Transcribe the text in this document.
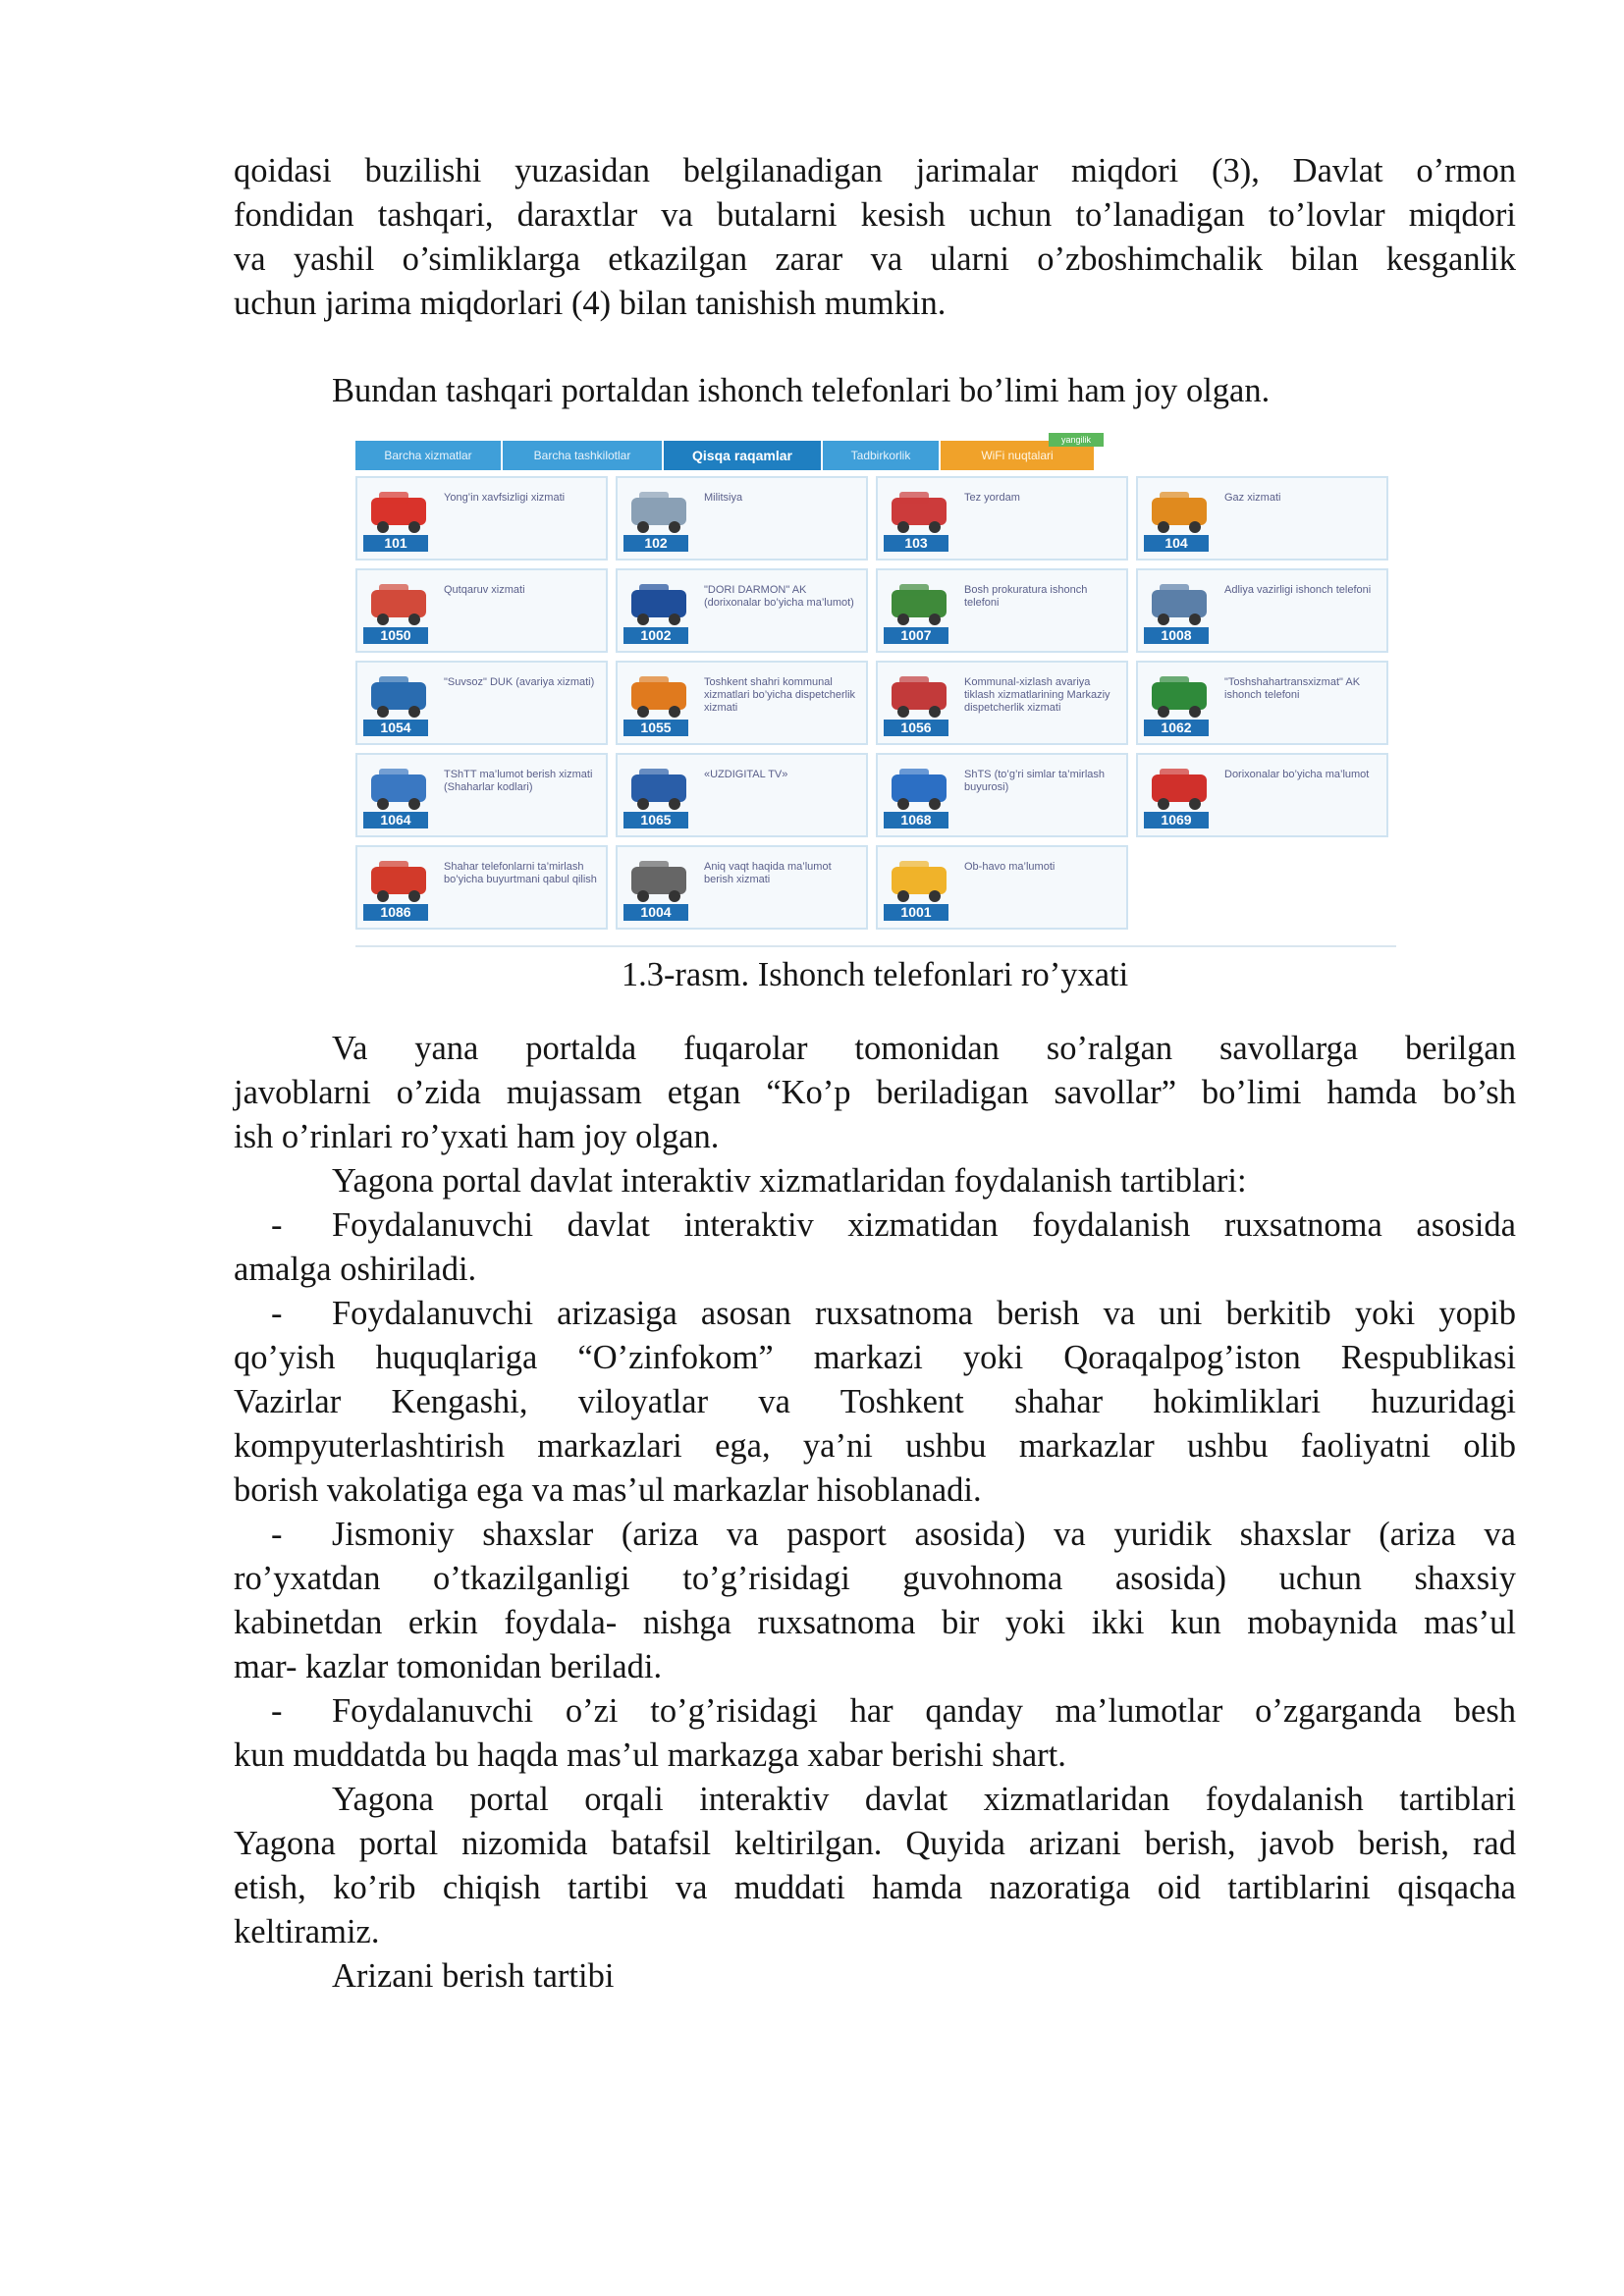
qoidasi buzilishi yuzasidan belgilanadigan jarimalar miqdori (3), Davlat o’rmon

fondidan tashqari, daraxtlar va butalarni kesish uchun to’lanadigan to’lovlar miqdori

va yashil o’simliklarga etkazilgan zarar va ularni o’zboshimchalik bilan kesganlik

uchun jarima miqdorlari (4) bilan tanishish mumkin.

Bundan tashqari portaldan ishonch telefonlari bo’limi ham joy olgan.

Barcha xizmatlar	Barcha tashkilotlar	Qisqa raqamlar	Tadbirkorlik	WiFi nuqtalari
yangilik
101
Yong’in xavfsizligi xizmati
102
Militsiya
103
Tez yordam
104
Gaz xizmati
1050
Qutqaruv xizmati
1002
"DORI DARMON" AK (dorixonalar bo’yicha ma’lumot)
1007
Bosh prokuratura ishonch telefoni
1008
Adliya vazirligi ishonch telefoni
1054
"Suvsoz" DUK (avariya xizmati)
1055
Toshkent shahri kommunal xizmatlari bo’yicha dispetcherlik xizmati
1056
Kommunal-xizlash avariya tiklash xizmatlarining Markaziy dispetcherlik xizmati
1062
"Toshshahartransxizmat" AK ishonch telefoni
1064
TShTT ma’lumot berish xizmati (Shaharlar kodlari)
1065
«UZDIGITAL TV»
1068
ShTS (to’g’ri simlar ta’mirlash buyurosi)
1069
Dorixonalar bo’yicha ma’lumot
1086
Shahar telefonlarni ta’mirlash bo’yicha buyurtmani qabul qilish
1004
Aniq vaqt haqida ma’lumot berish xizmati
1001
Ob-havo ma’lumoti

1.3-rasm. Ishonch telefonlari ro’yxati

Va yana portalda fuqarolar tomonidan so’ralgan savollarga berilgan

javoblarni o’zida mujassam etgan “Ko’p beriladigan savollar” bo’limi hamda bo’sh

ish o’rinlari ro’yxati ham joy olgan.

Yagona portal davlat interaktiv xizmatlaridan foydalanish tartiblari:

- Foydalanuvchi davlat interaktiv xizmatidan foydalanish ruxsatnoma asosida

amalga oshiriladi.

- Foydalanuvchi arizasiga asosan ruxsatnoma berish va uni berkitib yoki yopib

qo’yish huquqlariga “O’zinfokom” markazi yoki Qoraqalpog’iston Respublikasi

Vazirlar Kengashi, viloyatlar va Toshkent shahar hokimliklari huzuridagi

kompyuterlashtirish markazlari ega, ya’ni ushbu markazlar ushbu faoliyatni olib

borish vakolatiga ega va mas’ul markazlar hisoblanadi.

- Jismoniy shaxslar (ariza va pasport asosida) va yuridik shaxslar (ariza va

ro’yxatdan o’tkazilganligi to’g’risidagi guvohnoma asosida) uchun shaxsiy

kabinetdan erkin foydala- nishga ruxsatnoma bir yoki ikki kun mobaynida mas’ul

mar- kazlar tomonidan beriladi.

- Foydalanuvchi o’zi to’g’risidagi har qanday ma’lumotlar o’zgarganda besh

kun muddatda bu haqda mas’ul markazga xabar berishi shart.

Yagona portal orqali interaktiv davlat xizmatlaridan foydalanish tartiblari

Yagona portal nizomida batafsil keltirilgan. Quyida arizani berish, javob berish, rad

etish, ko’rib chiqish tartibi va muddati hamda nazoratiga oid tartiblarini qisqacha

keltiramiz.

Arizani berish tartibi
